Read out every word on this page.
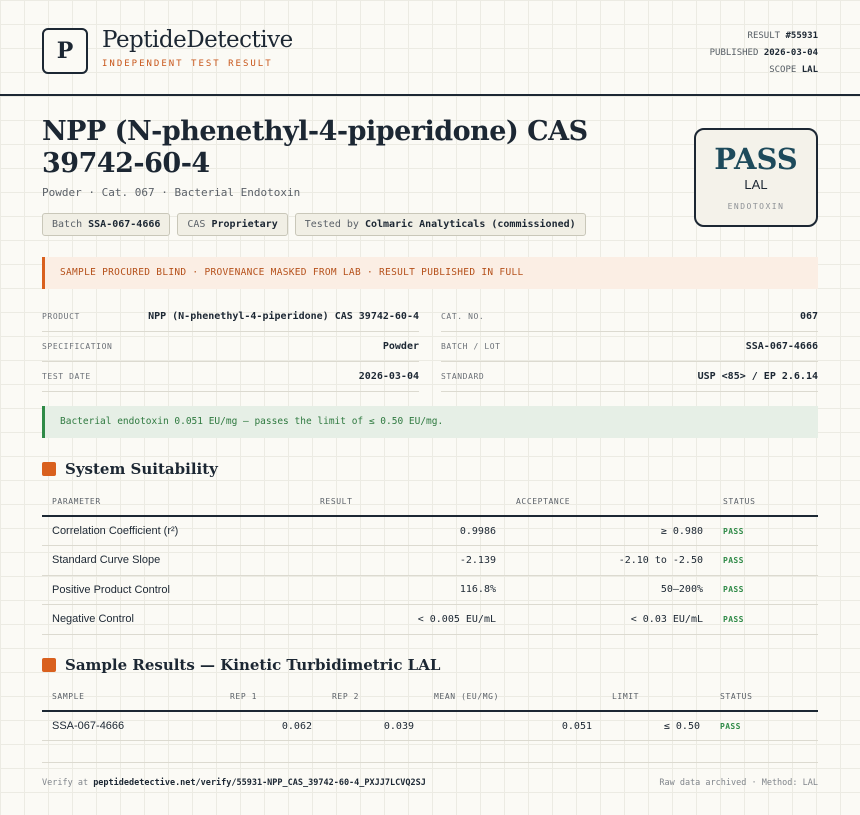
P	PeptideDetective
INDEPENDENT TEST RESULT
RESULT #55931
PUBLISHED 2026-03-04
SCOPE LAL
NPP (N-phenethyl-4-piperidone) CAS 39742-60-4
Powder · Cat. 067 · Bacterial Endotoxin
Batch SSA-067-4666	CAS Proprietary	Tested by Colmaric Analyticals (commissioned)
PASS
LAL
ENDOTOXIN
SAMPLE PROCURED BLIND · PROVENANCE MASKED FROM LAB · RESULT PUBLISHED IN FULL
PRODUCT	NPP (N-phenethyl-4-piperidone) CAS 39742-60-4
SPECIFICATION	Powder
TEST DATE	2026-03-04
CAT. NO.	067
BATCH / LOT	SSA-067-4666
STANDARD	USP <85> / EP 2.6.14
Bacterial endotoxin 0.051 EU/mg — passes the limit of ≤ 0.50 EU/mg.
System Suitability
PARAMETER	RESULT	ACCEPTANCE	STATUS
Correlation Coefficient (r²)	0.9986	≥ 0.980	PASS
Standard Curve Slope	-2.139	-2.10 to -2.50	PASS
Positive Product Control	116.8%	50–200%	PASS
Negative Control	< 0.005 EU/mL	< 0.03 EU/mL	PASS
Sample Results — Kinetic Turbidimetric LAL
SAMPLE	REP 1	REP 2	MEAN (EU/MG)	LIMIT	STATUS
SSA-067-4666	0.062	0.039	0.051	≤ 0.50	PASS
Verify at peptidedetective.net/verify/55931-NPP_CAS_39742-60-4_PXJJ7LCVQ2SJ	Raw data archived · Method: LAL
